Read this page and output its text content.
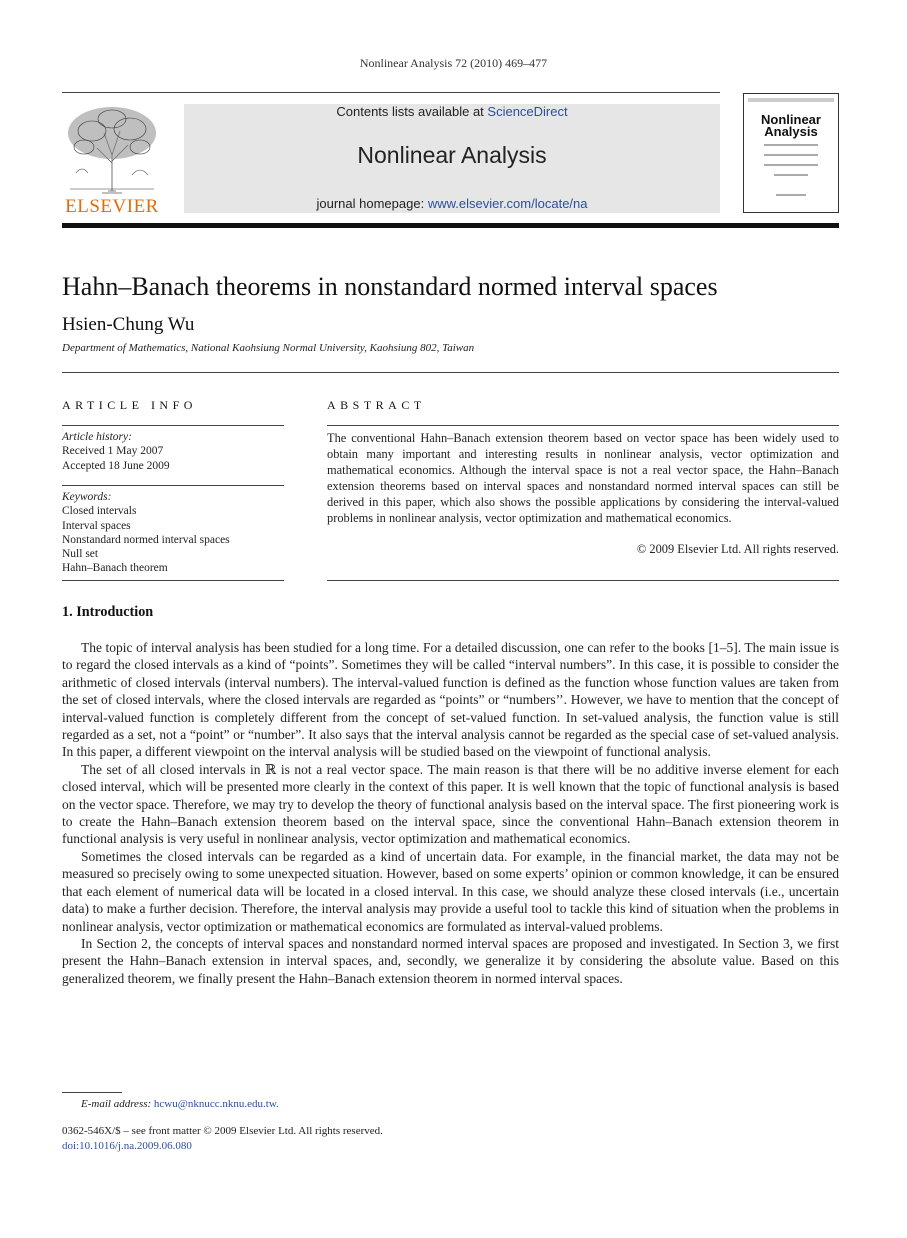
Nonlinear Analysis 72 (2010) 469–477
ELSEVIER
Contents lists available at ScienceDirect
Nonlinear Analysis
journal homepage: www.elsevier.com/locate/na
Nonlinear
Analysis
Hahn–Banach theorems in nonstandard normed interval spaces
Hsien-Chung Wu
Department of Mathematics, National Kaohsiung Normal University, Kaohsiung 802, Taiwan
ARTICLE INFO
Article history:
Received 1 May 2007
Accepted 18 June 2009
Keywords:
Closed intervals
Interval spaces
Nonstandard normed interval spaces
Null set
Hahn–Banach theorem
ABSTRACT
The conventional Hahn–Banach extension theorem based on vector space has been widely used to obtain many important and interesting results in nonlinear analysis, vector optimization and mathematical economics. Although the interval space is not a real vector space, the Hahn–Banach extension theorems based on interval spaces and nonstandard normed interval spaces can still be derived in this paper, which also shows the possible applications by considering the interval-valued problems in nonlinear analysis, vector optimization and mathematical economics.
© 2009 Elsevier Ltd. All rights reserved.
1. Introduction

The topic of interval analysis has been studied for a long time. For a detailed discussion, one can refer to the books [1–5]. The main issue is to regard the closed intervals as a kind of “points”. Sometimes they will be called “interval numbers”. In this case, it is possible to consider the arithmetic of closed intervals (interval numbers). The interval-valued function is defined as the function whose function values are taken from the set of closed intervals, where the closed intervals are regarded as “points” or “numbers’’. However, we have to mention that the concept of interval-valued function is completely different from the concept of set-valued function. In set-valued analysis, the function value is still regarded as a set, not a “point” or “number”. It also says that the interval analysis cannot be regarded as the special case of set-valued analysis. In this paper, a different viewpoint on the interval analysis will be studied based on the viewpoint of functional analysis.

The set of all closed intervals in ℝ is not a real vector space. The main reason is that there will be no additive inverse element for each closed interval, which will be presented more clearly in the context of this paper. It is well known that the topic of functional analysis is based on the vector space. Therefore, we may try to develop the theory of functional analysis based on the interval space. The first pioneering work is to create the Hahn–Banach extension theorem based on the interval space, since the conventional Hahn–Banach extension theorem in functional analysis is very useful in nonlinear analysis, vector optimization and mathematical economics.

Sometimes the closed intervals can be regarded as a kind of uncertain data. For example, in the financial market, the data may not be measured so precisely owing to some unexpected situation. However, based on some experts’ opinion or common knowledge, it can be ensured that each element of numerical data will be located in a closed interval. In this case, we should analyze these closed intervals (i.e., uncertain data) to make a further decision. Therefore, the interval analysis may provide a useful tool to tackle this kind of situation when the problems in nonlinear analysis, vector optimization or mathematical economics are formulated as interval-valued problems.

In Section 2, the concepts of interval spaces and nonstandard normed interval spaces are proposed and investigated. In Section 3, we first present the Hahn–Banach extension in interval spaces, and, secondly, we generalize it by considering the absolute value. Based on this generalized theorem, we finally present the Hahn–Banach extension theorem in normed interval spaces.

E-mail address: hcwu@nknucc.nknu.edu.tw.
0362-546X/$ – see front matter © 2009 Elsevier Ltd. All rights reserved.
doi:10.1016/j.na.2009.06.080
